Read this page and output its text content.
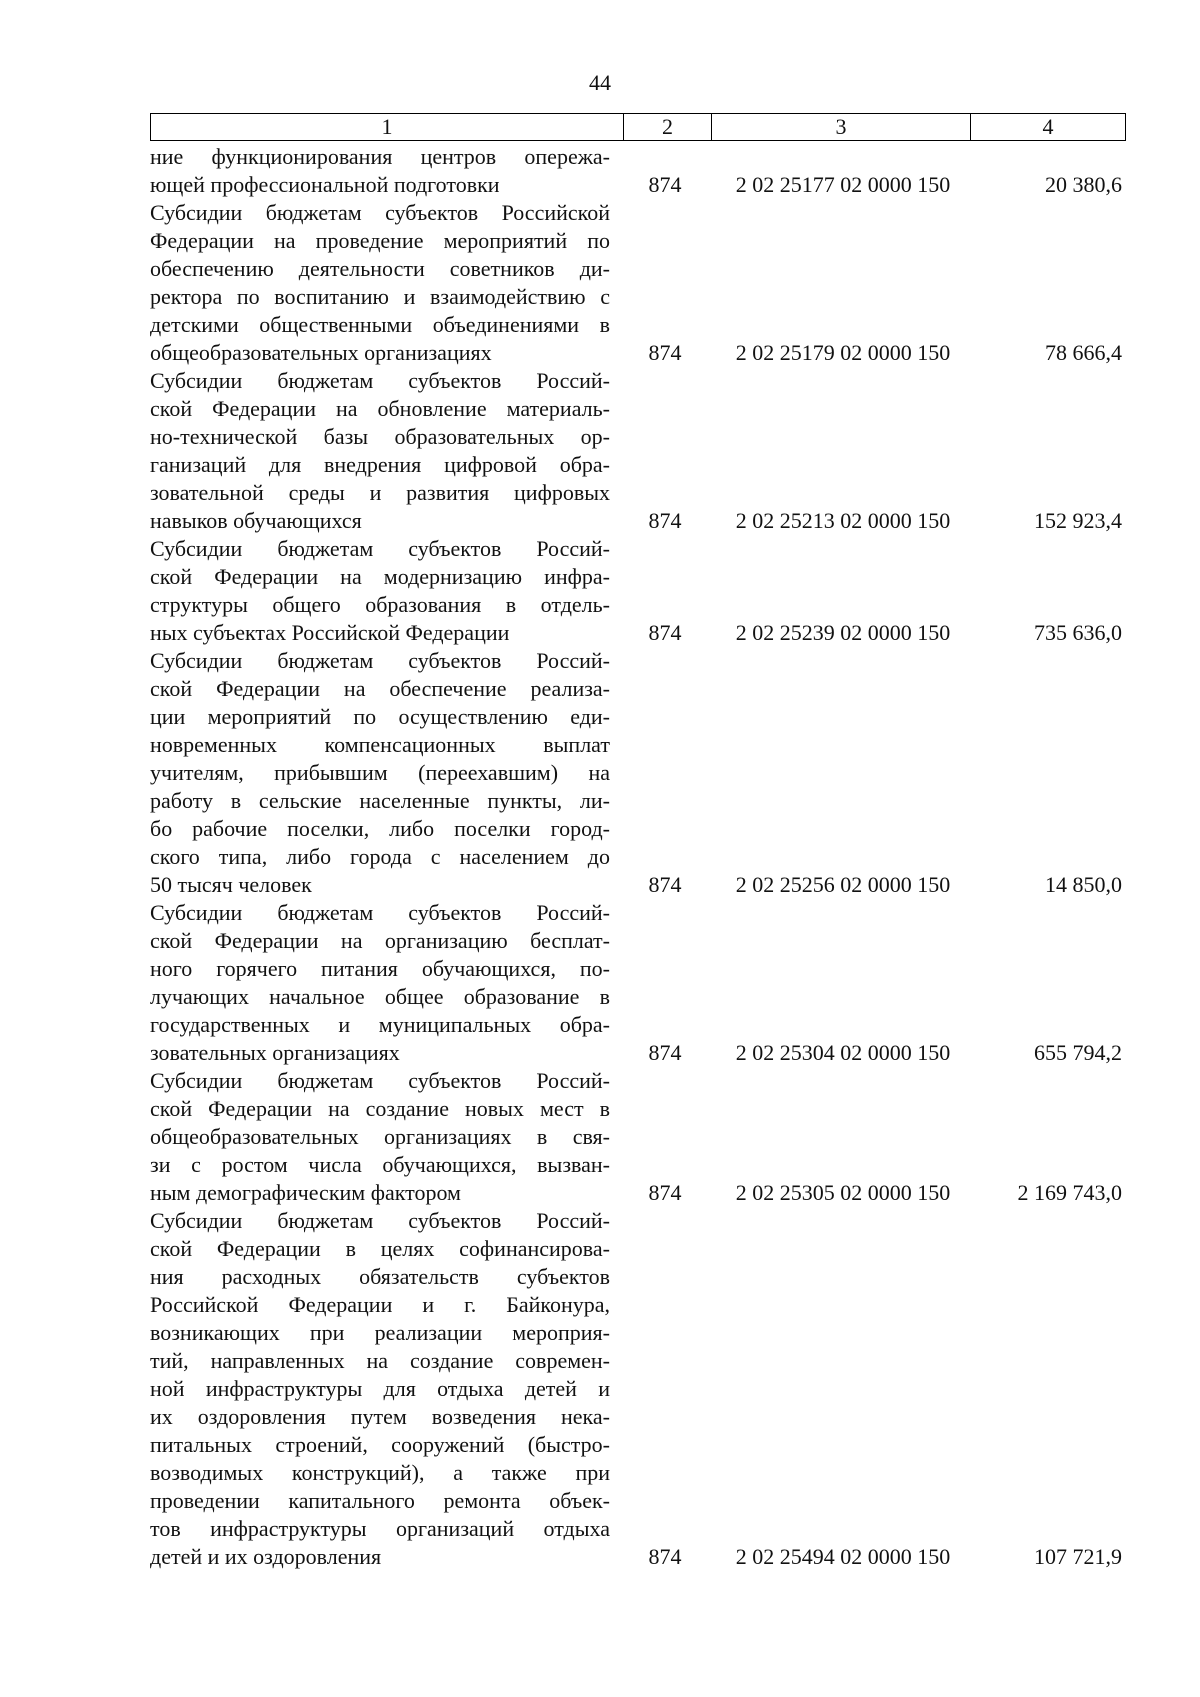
44
1	2	3	4
ние функционирования центров опережа-
ющей профессиональной подготовки	874	2 02 25177 02 0000 150	20 380,6
Субсидии бюджетам субъектов Российской
Федерации на проведение мероприятий по
обеспечению деятельности советников ди-
ректора по воспитанию и взаимодействию с
детскими общественными объединениями в
общеобразовательных организациях	874	2 02 25179 02 0000 150	78 666,4
Субсидии бюджетам субъектов Россий-
ской Федерации на обновление материаль-
но-технической базы образовательных ор-
ганизаций для внедрения цифровой обра-
зовательной среды и развития цифровых
навыков обучающихся	874	2 02 25213 02 0000 150	152 923,4
Субсидии бюджетам субъектов Россий-
ской Федерации на модернизацию инфра-
структуры общего образования в отдель-
ных субъектах Российской Федерации	874	2 02 25239 02 0000 150	735 636,0
Субсидии бюджетам субъектов Россий-
ской Федерации на обеспечение реализа-
ции мероприятий по осуществлению еди-
новременных компенсационных выплат
учителям, прибывшим (переехавшим) на
работу в сельские населенные пункты, ли-
бо рабочие поселки, либо поселки город-
ского типа, либо города с населением до
50 тысяч человек	874	2 02 25256 02 0000 150	14 850,0
Субсидии бюджетам субъектов Россий-
ской Федерации на организацию бесплат-
ного горячего питания обучающихся, по-
лучающих начальное общее образование в
государственных и муниципальных обра-
зовательных организациях	874	2 02 25304 02 0000 150	655 794,2
Субсидии бюджетам субъектов Россий-
ской Федерации на создание новых мест в
общеобразовательных организациях в свя-
зи с ростом числа обучающихся, вызван-
ным демографическим фактором	874	2 02 25305 02 0000 150	2 169 743,0
Субсидии бюджетам субъектов Россий-
ской Федерации в целях софинансирова-
ния расходных обязательств субъектов
Российской Федерации и г. Байконура,
возникающих при реализации мероприя-
тий, направленных на создание современ-
ной инфраструктуры для отдыха детей и
их оздоровления путем возведения нека-
питальных строений, сооружений (быстро-
возводимых конструкций), а также при
проведении капитального ремонта объек-
тов инфраструктуры организаций отдыха
детей и их оздоровления	874	2 02 25494 02 0000 150	107 721,9
